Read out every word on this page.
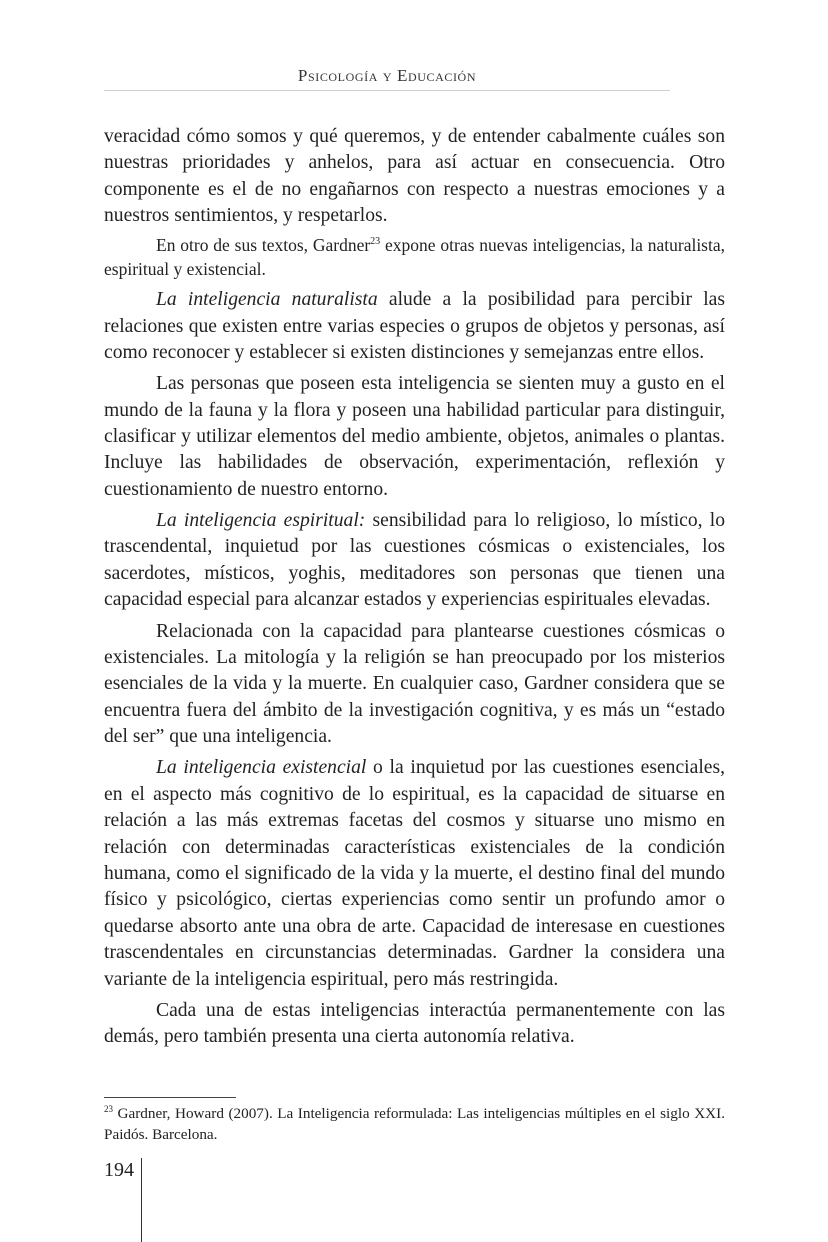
Psicología y Educación

veracidad cómo somos y qué queremos, y de entender cabalmente cuáles son nuestras prioridades y anhelos, para así actuar en consecuencia. Otro componente es el de no engañarnos con respecto a nuestras emociones y a nuestros sentimientos, y respetarlos.

En otro de sus textos, Gardner$^{23}$ expone otras nuevas inteligencias, la naturalista, espiritual y existencial.

La inteligencia naturalista alude a la posibilidad para percibir las relaciones que existen entre varias especies o grupos de objetos y personas, así como reconocer y establecer si existen distinciones y semejanzas entre ellos.

Las personas que poseen esta inteligencia se sienten muy a gusto en el mundo de la fauna y la flora y poseen una habilidad particular para distinguir, clasificar y utilizar elementos del medio ambiente, objetos, animales o plantas. Incluye las habilidades de observación, experimentación, reflexión y cuestionamiento de nuestro entorno.

La inteligencia espiritual: sensibilidad para lo religioso, lo místico, lo trascendental, inquietud por las cuestiones cósmicas o existenciales, los sacerdotes, místicos, yoghis, meditadores son personas que tienen una capacidad especial para alcanzar estados y experiencias espirituales elevadas.

Relacionada con la capacidad para plantearse cuestiones cósmicas o existenciales. La mitología y la religión se han preocupado por los misterios esenciales de la vida y la muerte. En cualquier caso, Gardner considera que se encuentra fuera del ámbito de la investigación cognitiva, y es más un “estado del ser” que una inteligencia.

La inteligencia existencial o la inquietud por las cuestiones esenciales, en el aspecto más cognitivo de lo espiritual, es la capacidad de situarse en relación a las más extremas facetas del cosmos y situarse uno mismo en relación con determinadas características existenciales de la condición humana, como el significado de la vida y la muerte, el destino final del mundo físico y psicológico, ciertas experiencias como sentir un profundo amor o quedarse absorto ante una obra de arte. Capacidad de interesase en cuestiones trascendentales en circunstancias determinadas. Gardner la considera una variante de la inteligencia espiritual, pero más restringida.

Cada una de estas inteligencias interactúa permanentemente con las demás, pero también presenta una cierta autonomía relativa.

$^{23}$ Gardner, Howard (2007). La Inteligencia reformulada: Las inteligencias múltiples en el siglo XXI. Paidós. Barcelona.

194
